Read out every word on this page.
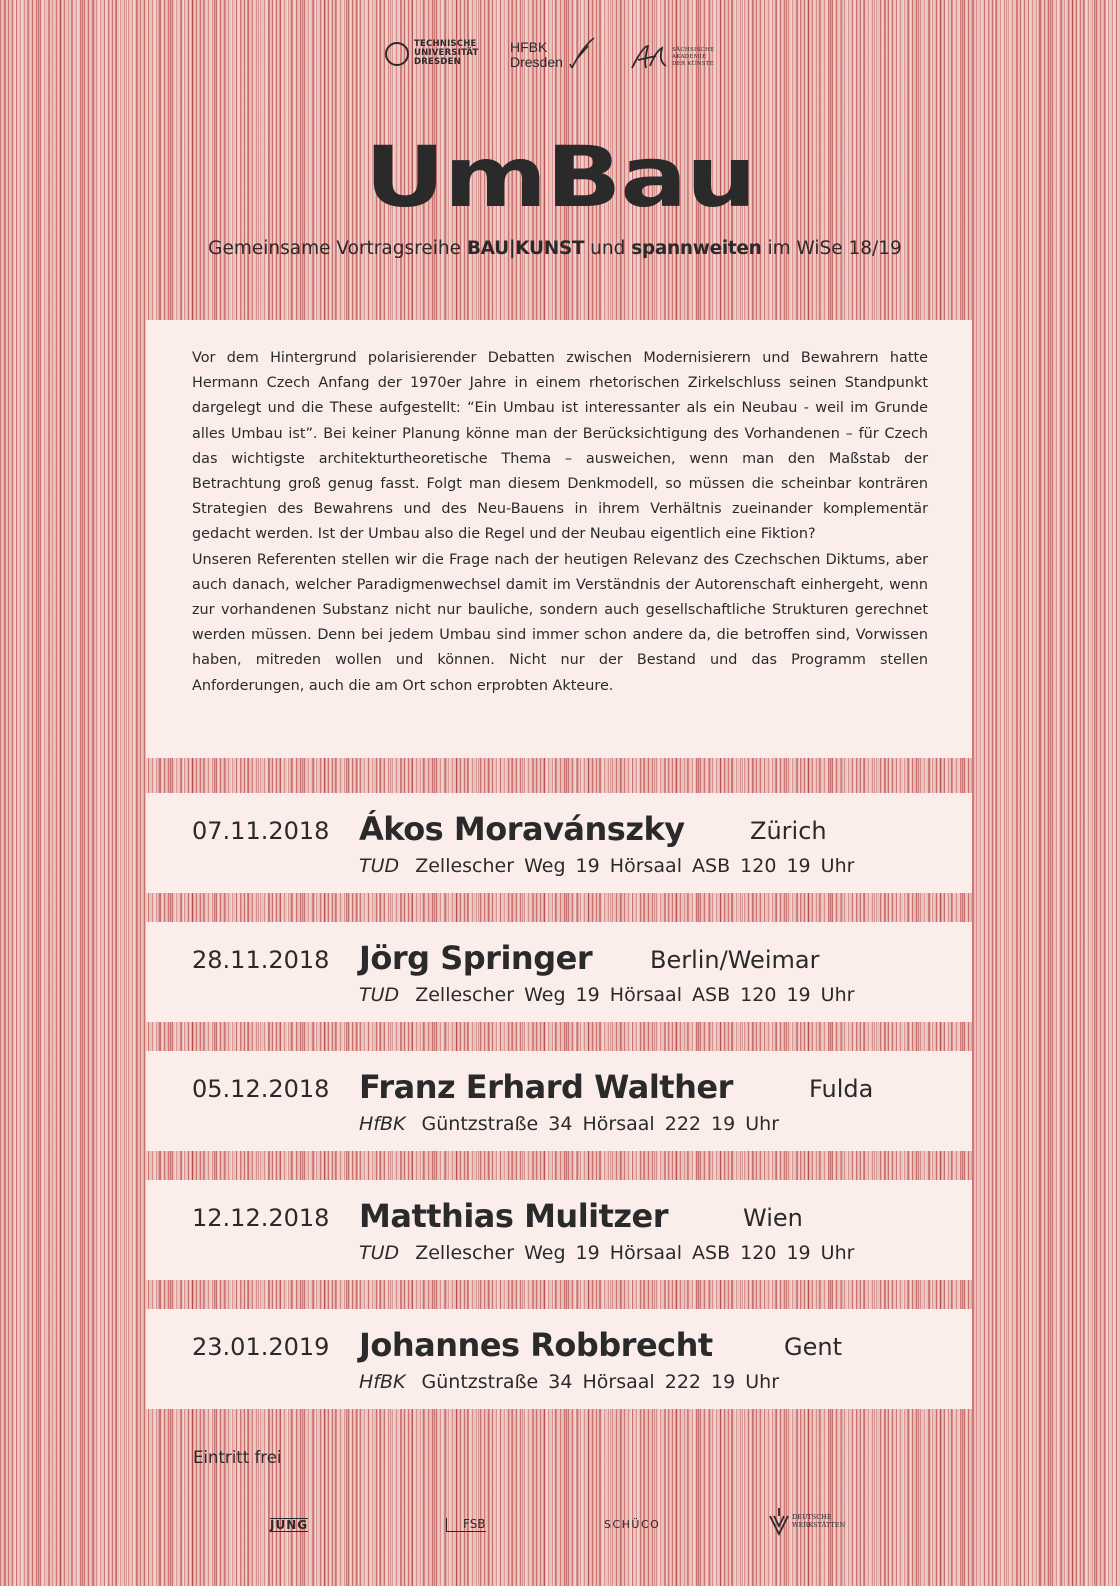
TECHNISCHE
UNIVERSITÄT
DRESDEN
HFBK
Dresden
SÄCHSISCHE
AKADEMIE
DER KÜNSTE
UmBau
Gemeinsame Vortragsreihe BAU|KUNST und spannweiten im WiSe 18/19

Vor dem Hintergrund polarisierender Debatten zwischen Modernisierern und Bewahrern hatte Hermann Czech Anfang der 1970er Jahre in einem rhetorischen Zirkelschluss seinen Standpunkt dargelegt und die These aufgestellt: “Ein Umbau ist interessanter als ein Neubau - weil im Grunde alles Umbau ist”. Bei keiner Planung könne man der Berücksichtigung des Vorhandenen – für Czech das wichtigste architekturtheoretische Thema – ausweichen, wenn man den Maßstab der Betrachtung groß genug fasst. Folgt man diesem Denkmodell, so müssen die scheinbar konträren Strategien des Bewahrens und des Neu-Bauens in ihrem Verhältnis zueinander komplementär gedacht werden. Ist der Umbau also die Regel und der Neubau eigentlich eine Fiktion?

Unseren Referenten stellen wir die Frage nach der heutigen Relevanz des Czechschen Diktums, aber auch danach, welcher Paradigmenwechsel damit im Verständnis der Autorenschaft einhergeht, wenn zur vorhandenen Substanz nicht nur bauliche, sondern auch gesellschaftliche Strukturen gerechnet werden müssen. Denn bei jedem Umbau sind immer schon andere da, die betroffen sind, Vorwissen haben, mitreden wollen und können. Nicht nur der Bestand und das Programm stellen Anforderungen, auch die am Ort schon erprobten Akteure.

07.11.2018 Ákos Moravánszky	Zürich
TUD Zellescher Weg 19 Hörsaal ASB 120 19 Uhr
28.11.2018 Jörg Springer Berlin/Weimar
TUD Zellescher Weg 19 Hörsaal ASB 120 19 Uhr
05.12.2018 Franz Erhard Walther	Fulda
HfBK Güntzstraße 34 Hörsaal 222 19 Uhr
12.12.2018 Matthias Mulitzer	Wien
TUD Zellescher Weg 19 Hörsaal ASB 120 19 Uhr
23.01.2019 Johannes Robbrecht	Gent
HfBK Güntzstraße 34 Hörsaal 222 19 Uhr
Eintritt frei
JUNG	FSB	SCHÜCO
DEUTSCHE WERKSTÄTTEN
